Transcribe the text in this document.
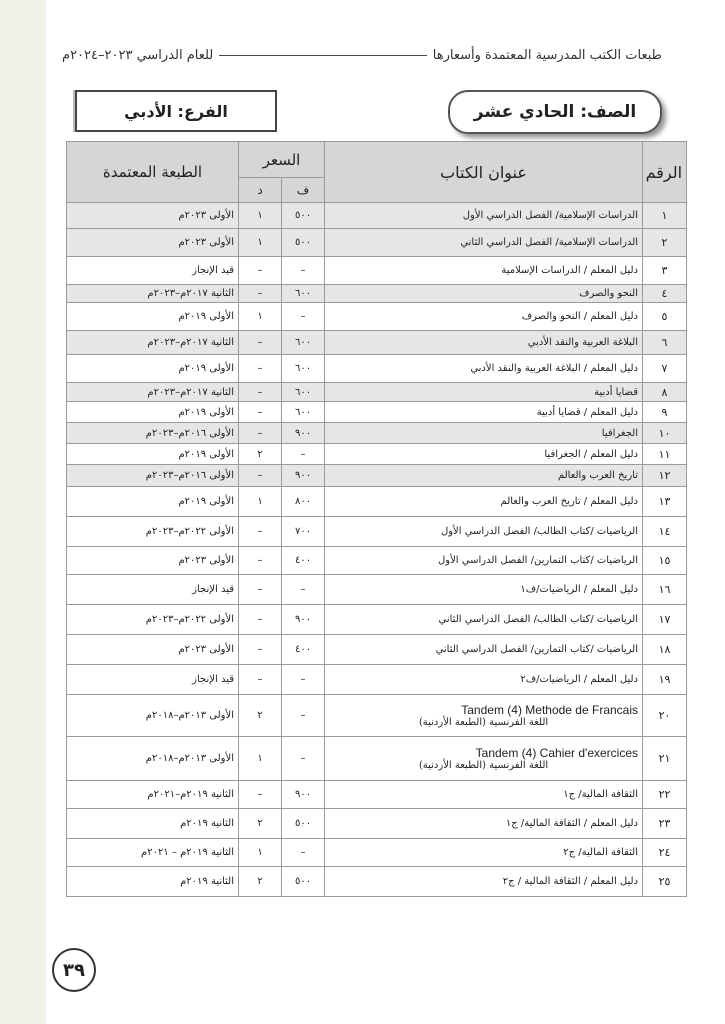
طبعات الكتب المدرسية المعتمدة وأسعارها
للعام الدراسي ٢٠٢٣–٢٠٢٤م
الصف: الحادي عشر
الفرع: الأدبي
الرقم	عنوان الكتاب	السعر		الطبعة المعتمدة
		ف	د	
١	الدراسات الإسلامية/ الفصل الدراسي الأول	٥٠٠	١	الأولى ٢٠٢٣م
٢	الدراسات الإسلامية/ الفصل الدراسي الثاني	٥٠٠	١	الأولى ٢٠٢٣م
٣	دليل المعلم / الدراسات الإسلامية	–	–	قيد الإنجاز
٤	النحو والصرف	٦٠٠	–	الثانية ٢٠١٧م–٢٠٢٣م
٥	دليل المعلم / النحو والصرف	–	١	الأولى ٢٠١٩م
٦	البلاغة العربية والنقد الأدبي	٦٠٠	–	الثانية ٢٠١٧م–٢٠٢٣م
٧	دليل المعلم / البلاغة العربية والنقد الأدبي	٦٠٠	–	الأولى ٢٠١٩م
٨	قضايا أدبية	٦٠٠	–	الثانية ٢٠١٧م–٢٠٢٣م
٩	دليل المعلم / قضايا أدبية	٦٠٠	–	الأولى ٢٠١٩م
١٠	الجغرافيا	٩٠٠	–	الأولى ٢٠١٦م–٢٠٢٣م
١١	دليل المعلم / الجغرافيا	–	٢	الأولى ٢٠١٩م
١٢	تاريخ العرب والعالم	٩٠٠	–	الأولى ٢٠١٦م–٢٠٢٣م
١٣	دليل المعلم / تاريخ العرب والعالم	٨٠٠	١	الأولى ٢٠١٩م
١٤	الرياضيات /كتاب الطالب/ الفصل الدراسي الأول	٧٠٠	–	الأولى ٢٠٢٢م–٢٠٢٣م
١٥	الرياضيات /كتاب التمارين/ الفصل الدراسي الأول	٤٠٠	–	الأولى ٢٠٢٣م
١٦	دليل المعلم / الرياضيات/ف١	–	–	قيد الإنجاز
١٧	الرياضيات /كتاب الطالب/ الفصل الدراسي الثاني	٩٠٠	–	الأولى ٢٠٢٢م–٢٠٢٣م
١٨	الرياضيات /كتاب التمارين/ الفصل الدراسي الثاني	٤٠٠	–	الأولى ٢٠٢٣م
١٩	دليل المعلم / الرياضيات/ف٢	–	–	قيد الإنجاز
٢٠	Tandem (4) Methode de Francais
اللغة الفرنسية (الطبعة الأردنية)	–	٢	الأولى ٢٠١٣م–٢٠١٨م
٢١	Tandem (4) Cahier d'exercices
اللغة الفرنسية (الطبعة الأردنية)	–	١	الأولى ٢٠١٣م–٢٠١٨م
٢٢	الثقافة المالية/ ج١	٩٠٠	–	الثانية ٢٠١٩م–٢٠٢١م
٢٣	دليل المعلم / الثقافة المالية/ ج١	٥٠٠	٢	الثانية ٢٠١٩م
٢٤	الثقافة المالية/ ج٢	–	١	الثانية ٢٠١٩م – ٢٠٢١م
٢٥	دليل المعلم / الثقافة المالية / ج٢	٥٠٠	٢	الثانية ٢٠١٩م
٣٩
